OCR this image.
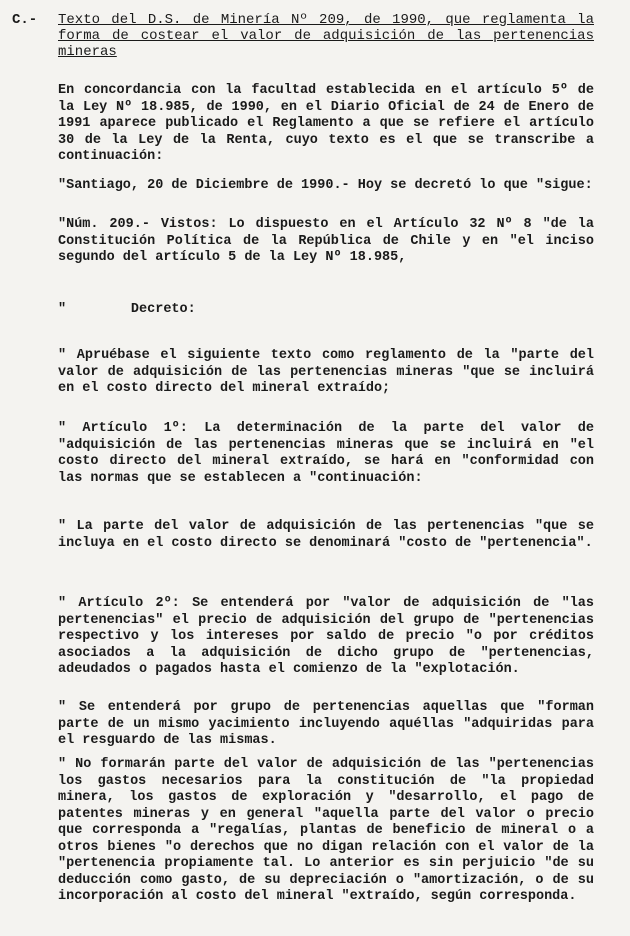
C.- Texto del D.S. de Minería Nº 209, de 1990, que reglamenta la forma de costear el valor de adquisición de las pertenencias mineras
En concordancia con la facultad establecida en el artículo 5º de la Ley Nº 18.985, de 1990, en el Diario Oficial de 24 de Enero de 1991 aparece publicado el Reglamento a que se refiere el artículo 30 de la Ley de la Renta, cuyo texto es el que se transcribe a continuación:
"Santiago, 20 de Diciembre de 1990.- Hoy se decretó lo que "sigue:
"Núm. 209.- Vistos: Lo dispuesto en el Artículo 32 Nº 8 "de la Constitución Política de la República de Chile y en "el inciso segundo del artículo 5 de la Ley Nº 18.985,
"        Decreto:
" Apruébase el siguiente texto como reglamento de la "parte del valor de adquisición de las pertenencias mineras "que se incluirá en el costo directo del mineral extraído;
" Artículo 1º: La determinación de la parte del valor de "adquisición de las pertenencias mineras que se incluirá en "el costo directo del mineral extraído, se hará en "conformidad con las normas que se establecen a "continuación:
" La parte del valor de adquisición de las pertenencias "que se incluya en el costo directo se denominará "costo de "pertenencia".
" Artículo 2º: Se entenderá por "valor de adquisición de "las pertenencias" el precio de adquisición del grupo de "pertenencias respectivo y los intereses por saldo de precio "o por créditos asociados a la adquisición de dicho grupo de "pertenencias, adeudados o pagados hasta el comienzo de la "explotación.
" Se entenderá por grupo de pertenencias aquellas que "forman parte de un mismo yacimiento incluyendo aquéllas "adquiridas para el resguardo de las mismas.
" No formarán parte del valor de adquisición de las "pertenencias los gastos necesarios para la constitución de "la propiedad minera, los gastos de exploración y "desarrollo, el pago de patentes mineras y en general "aquella parte del valor o precio que corresponda a "regalías, plantas de beneficio de mineral o a otros bienes "o derechos que no digan relación con el valor de la "pertenencia propiamente tal. Lo anterior es sin perjuicio "de su deducción como gasto, de su depreciación o "amortización, o de su incorporación al costo del mineral "extraído, según corresponda.
